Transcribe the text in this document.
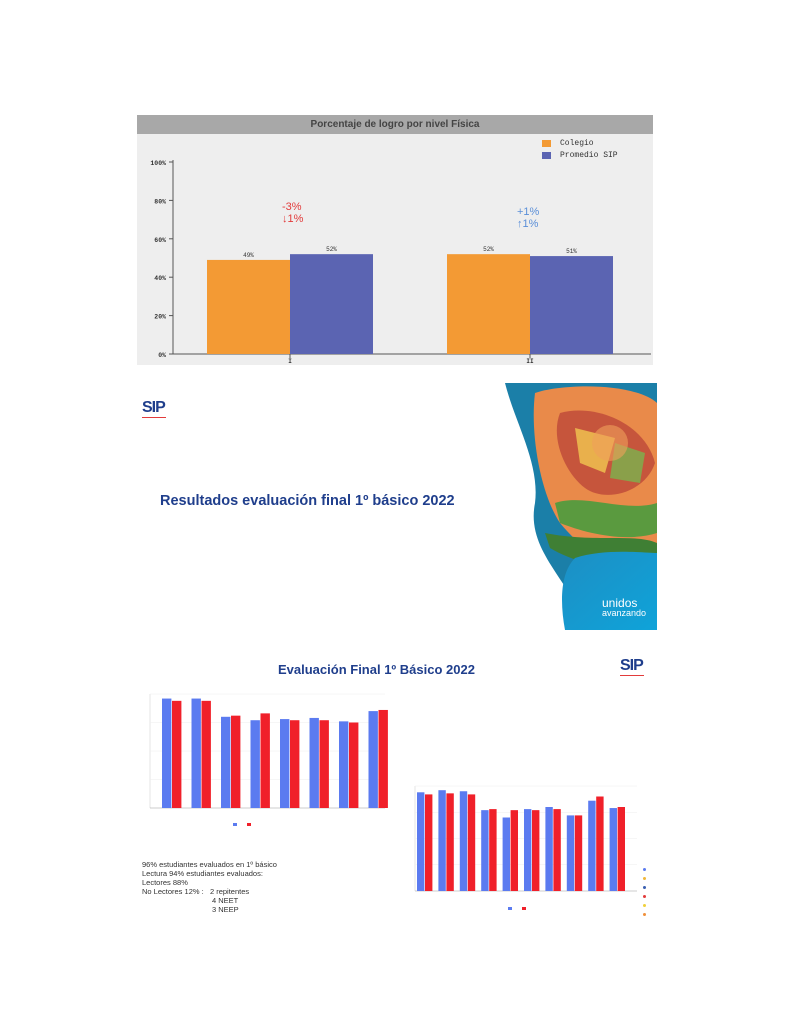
Porcentaje de logro por nivel Física
Colegio
Promedio SIP
0%
20%
40%
60%
80%
100%
49%
52%
I
52%	51%
II
-3%
↓1%
+1%
↑1%
SIP
Resultados evaluación final 1º básico 2022
unidos
avanzando
Evaluación Final 1º Básico 2022	SIP
96% estudiantes evaluados en 1º básico
Lectura 94% estudiantes evaluados:
Lectores 88%
No Lectores 12% :   2 repitentes
4 NEET
3 NEEP
